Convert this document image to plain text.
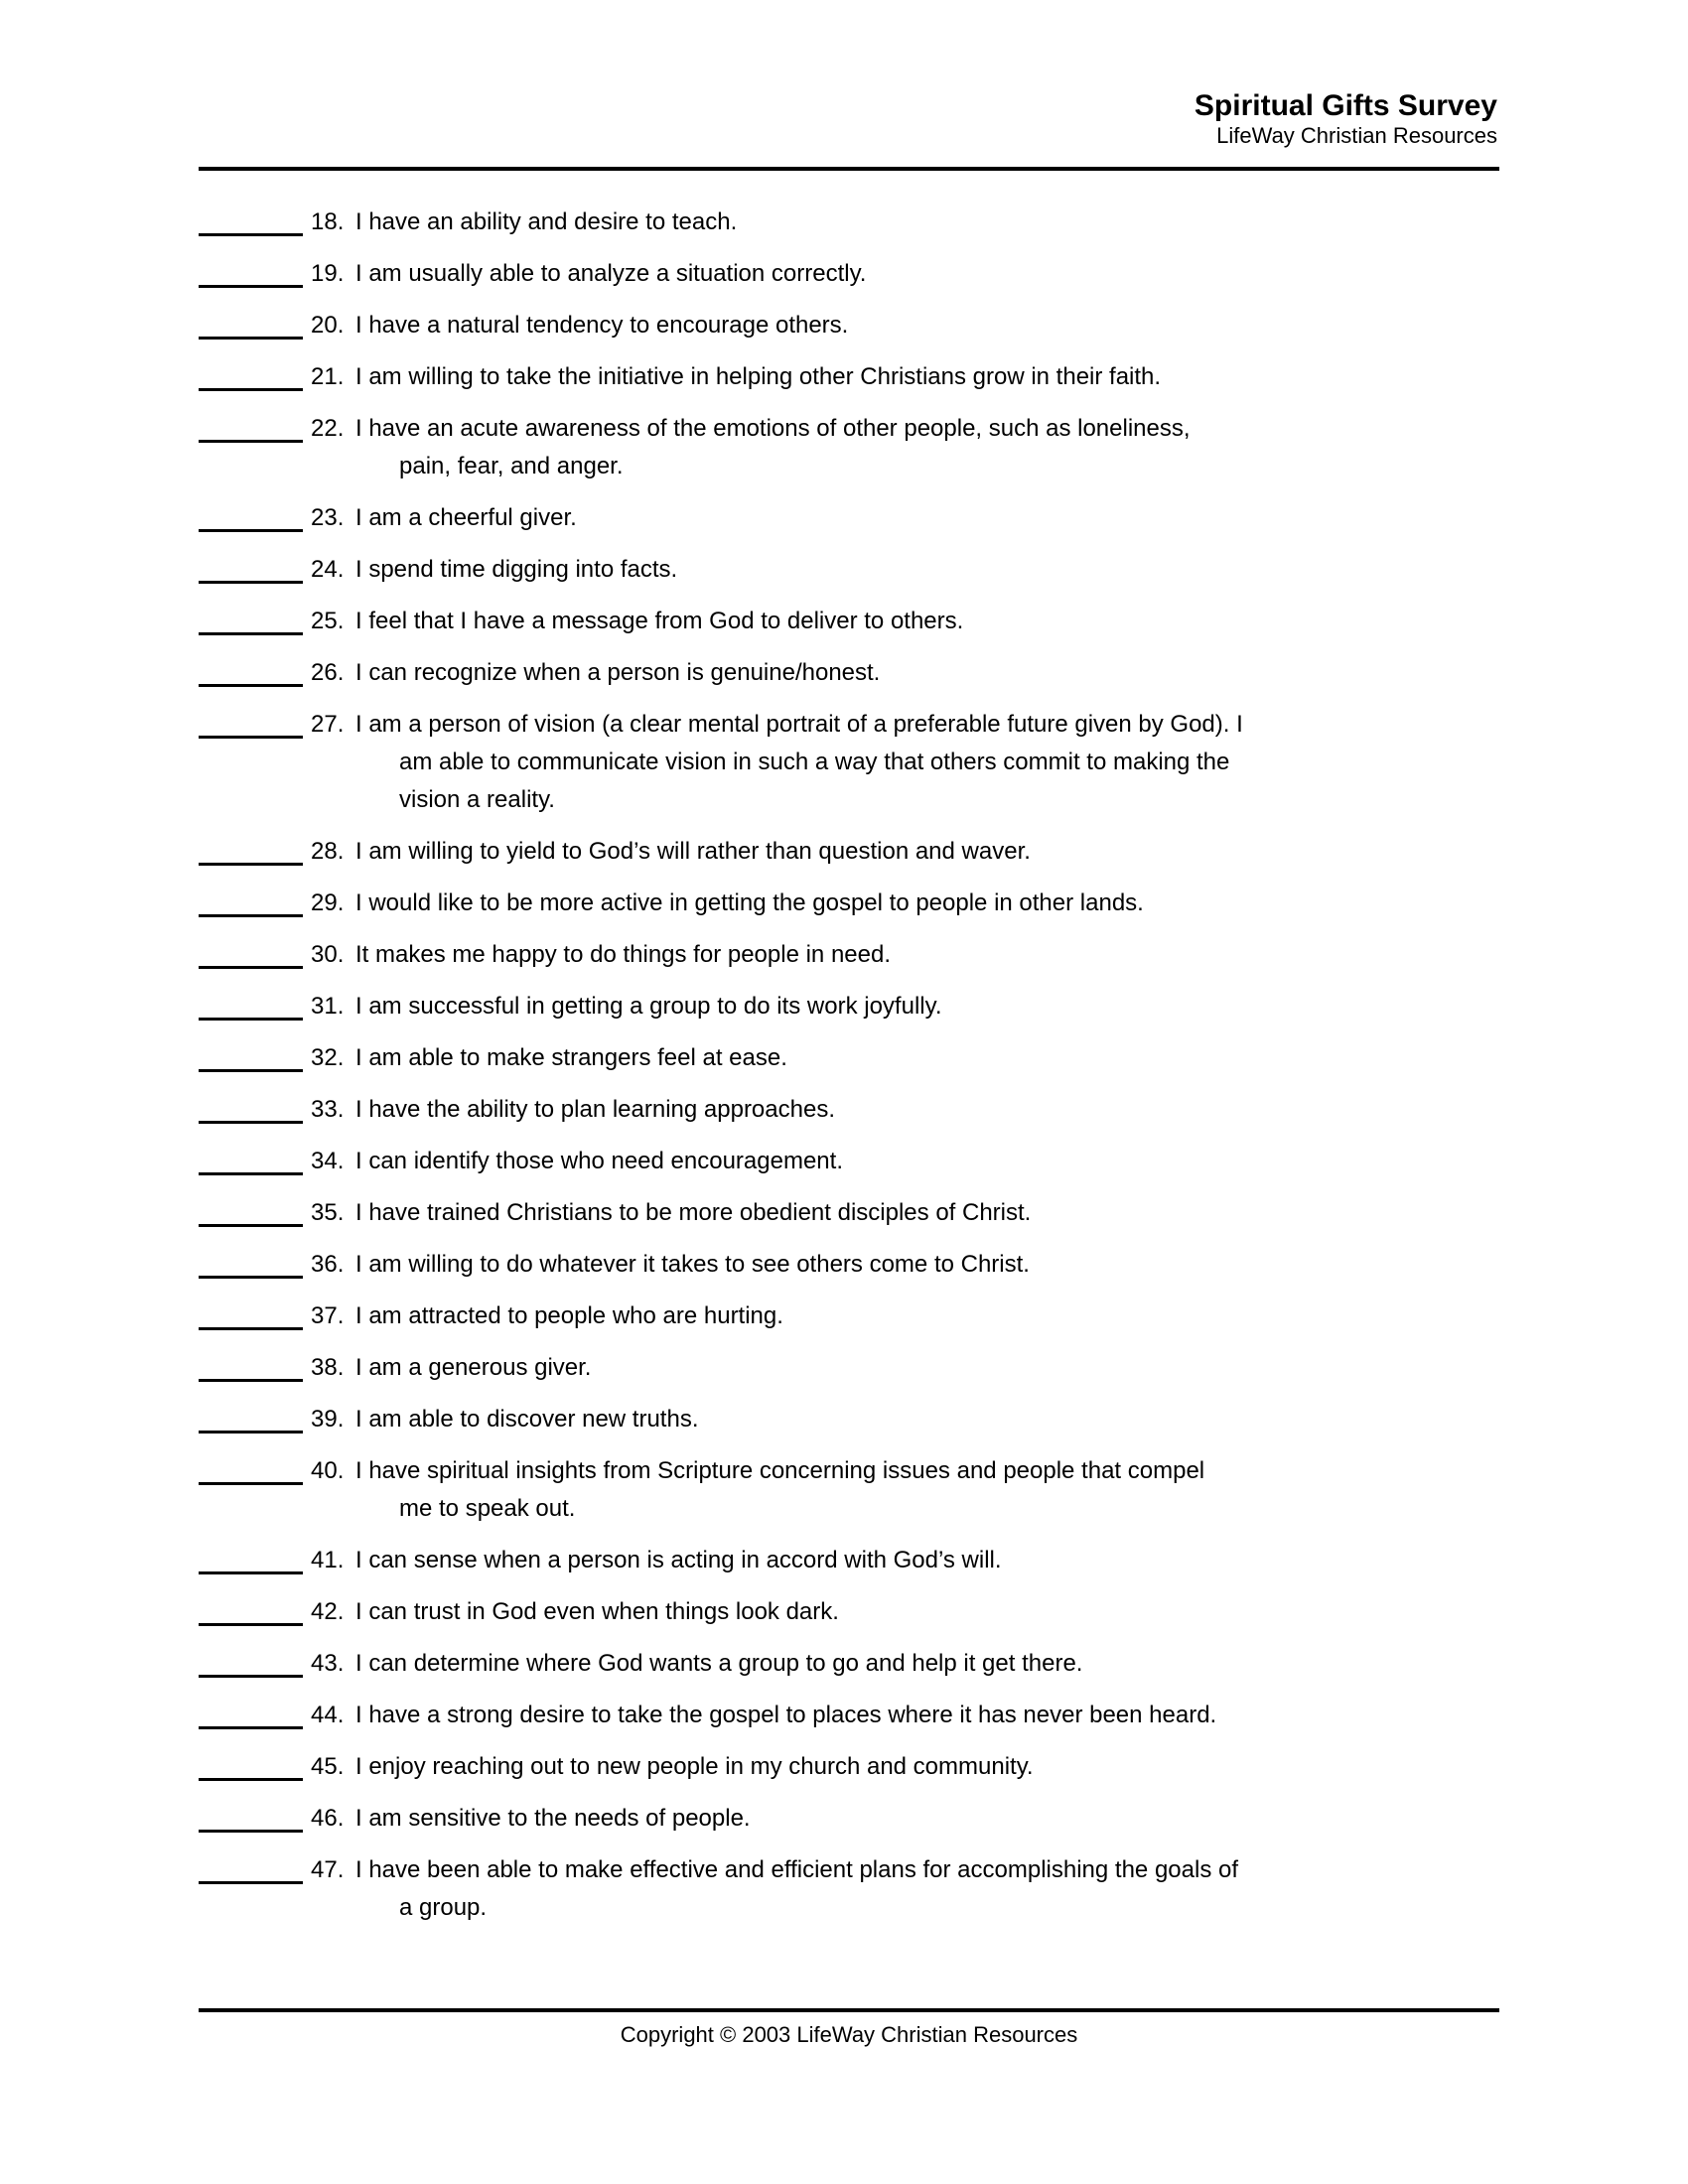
Spiritual Gifts Survey
LifeWay Christian Resources
18. I have an ability and desire to teach.
19. I am usually able to analyze a situation correctly.
20. I have a natural tendency to encourage others.
21. I am willing to take the initiative in helping other Christians grow in their faith.
22. I have an acute awareness of the emotions of other people, such as loneliness,
pain, fear, and anger.
23. I am a cheerful giver.
24. I spend time digging into facts.
25. I feel that I have a message from God to deliver to others.
26. I can recognize when a person is genuine/honest.
27. I am a person of vision (a clear mental portrait of a preferable future given by God). I
am able to communicate vision in such a way that others commit to making the
vision a reality.
28. I am willing to yield to God’s will rather than question and waver.
29. I would like to be more active in getting the gospel to people in other lands.
30. It makes me happy to do things for people in need.
31. I am successful in getting a group to do its work joyfully.
32. I am able to make strangers feel at ease.
33. I have the ability to plan learning approaches.
34. I can identify those who need encouragement.
35. I have trained Christians to be more obedient disciples of Christ.
36. I am willing to do whatever it takes to see others come to Christ.
37. I am attracted to people who are hurting.
38. I am a generous giver.
39. I am able to discover new truths.
40. I have spiritual insights from Scripture concerning issues and people that compel
me to speak out.
41. I can sense when a person is acting in accord with God’s will.
42. I can trust in God even when things look dark.
43. I can determine where God wants a group to go and help it get there.
44. I have a strong desire to take the gospel to places where it has never been heard.
45. I enjoy reaching out to new people in my church and community.
46. I am sensitive to the needs of people.
47. I have been able to make effective and efficient plans for accomplishing the goals of
a group.
Copyright © 2003 LifeWay Christian Resources
